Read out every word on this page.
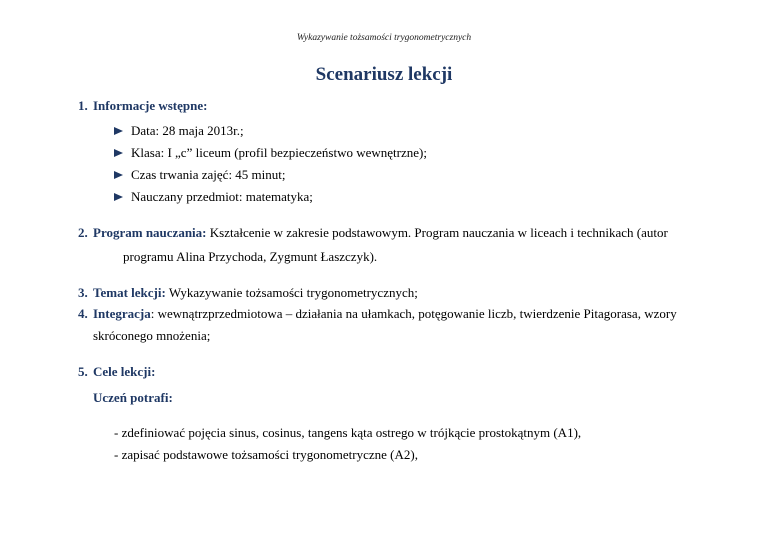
Wykazywanie tożsamości trygonometrycznych
Scenariusz lekcji
1. Informacje wstępne:
Data: 28 maja 2013r.;
Klasa: I „c” liceum (profil bezpieczeństwo wewnętrzne);
Czas trwania zajęć: 45 minut;
Nauczany przedmiot: matematyka;
2. Program nauczania: Kształcenie w zakresie podstawowym. Program nauczania w liceach i technikach (autor
programu Alina Przychoda, Zygmunt Łaszczyk).
3. Temat lekcji: Wykazywanie tożsamości trygonometrycznych;
4. Integracja: wewnątrzprzedmiotowa – działania na ułamkach, potęgowanie liczb, twierdzenie Pitagorasa, wzory
skróconego mnożenia;
5. Cele lekcji:
Uczeń potrafi:
- zdefiniować pojęcia sinus, cosinus, tangens kąta ostrego w trójkącie prostokątnym (A1),
- zapisać podstawowe tożsamości trygonometryczne (A2),
